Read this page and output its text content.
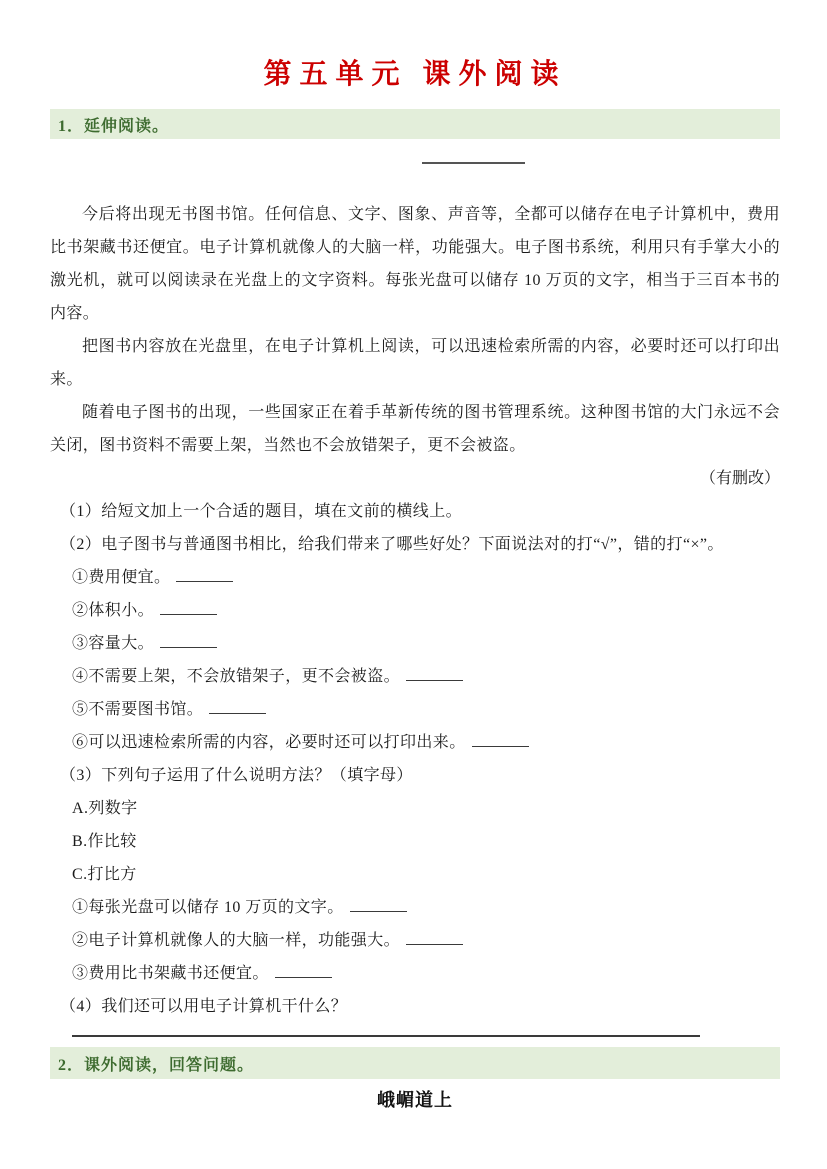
第五单元 课外阅读
1．延伸阅读。

今后将出现无书图书馆。任何信息、文字、图象、声音等，全都可以储存在电子计算机中，费用比书架藏书还便宜。电子计算机就像人的大脑一样，功能强大。电子图书系统，利用只有手掌大小的激光机，就可以阅读录在光盘上的文字资料。每张光盘可以储存 10 万页的文字，相当于三百本书的内容。

把图书内容放在光盘里，在电子计算机上阅读，可以迅速检索所需的内容，必要时还可以打印出来。

随着电子图书的出现，一些国家正在着手革新传统的图书管理系统。这种图书馆的大门永远不会关闭，图书资料不需要上架，当然也不会放错架子，更不会被盗。

（有删改）

（1）给短文加上一个合适的题目，填在文前的横线上。

（2）电子图书与普通图书相比，给我们带来了哪些好处？下面说法对的打“√”，错的打“×”。

①费用便宜。

②体积小。

③容量大。

④不需要上架，不会放错架子，更不会被盗。

⑤不需要图书馆。

⑥可以迅速检索所需的内容，必要时还可以打印出来。

（3）下列句子运用了什么说明方法？（填字母）

A.列数字

B.作比较

C.打比方

①每张光盘可以储存 10 万页的文字。

②电子计算机就像人的大脑一样，功能强大。

③费用比书架藏书还便宜。

（4）我们还可以用电子计算机干什么？

2．课外阅读，回答问题。

峨嵋道上
